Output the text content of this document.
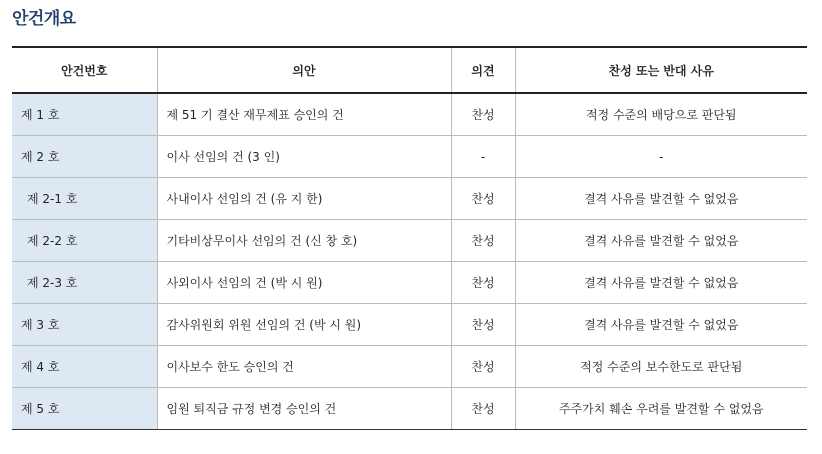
안건개요
안건번호	의안	의견	찬성 또는 반대 사유
제 1 호	제 51 기 결산 재무제표 승인의 건	찬성	적정 수준의 배당으로 판단됨
제 2 호	이사 선임의 건 (3 인)	-	-
제 2-1 호	사내이사 선임의 건 (유 지 한)	찬성	결격 사유를 발견할 수 없었음
제 2-2 호	기타비상무이사 선임의 건 (신 창 호)	찬성	결격 사유를 발견할 수 없었음
제 2-3 호	사외이사 선임의 건 (박 시 원)	찬성	결격 사유를 발견할 수 없었음
제 3 호	감사위원회 위원 선임의 건 (박 시 원)	찬성	결격 사유를 발견할 수 없었음
제 4 호	이사보수 한도 승인의 건	찬성	적정 수준의 보수한도로 판단됨
제 5 호	임원 퇴직금 규정 변경 승인의 건	찬성	주주가치 훼손 우려를 발견할 수 없었음
